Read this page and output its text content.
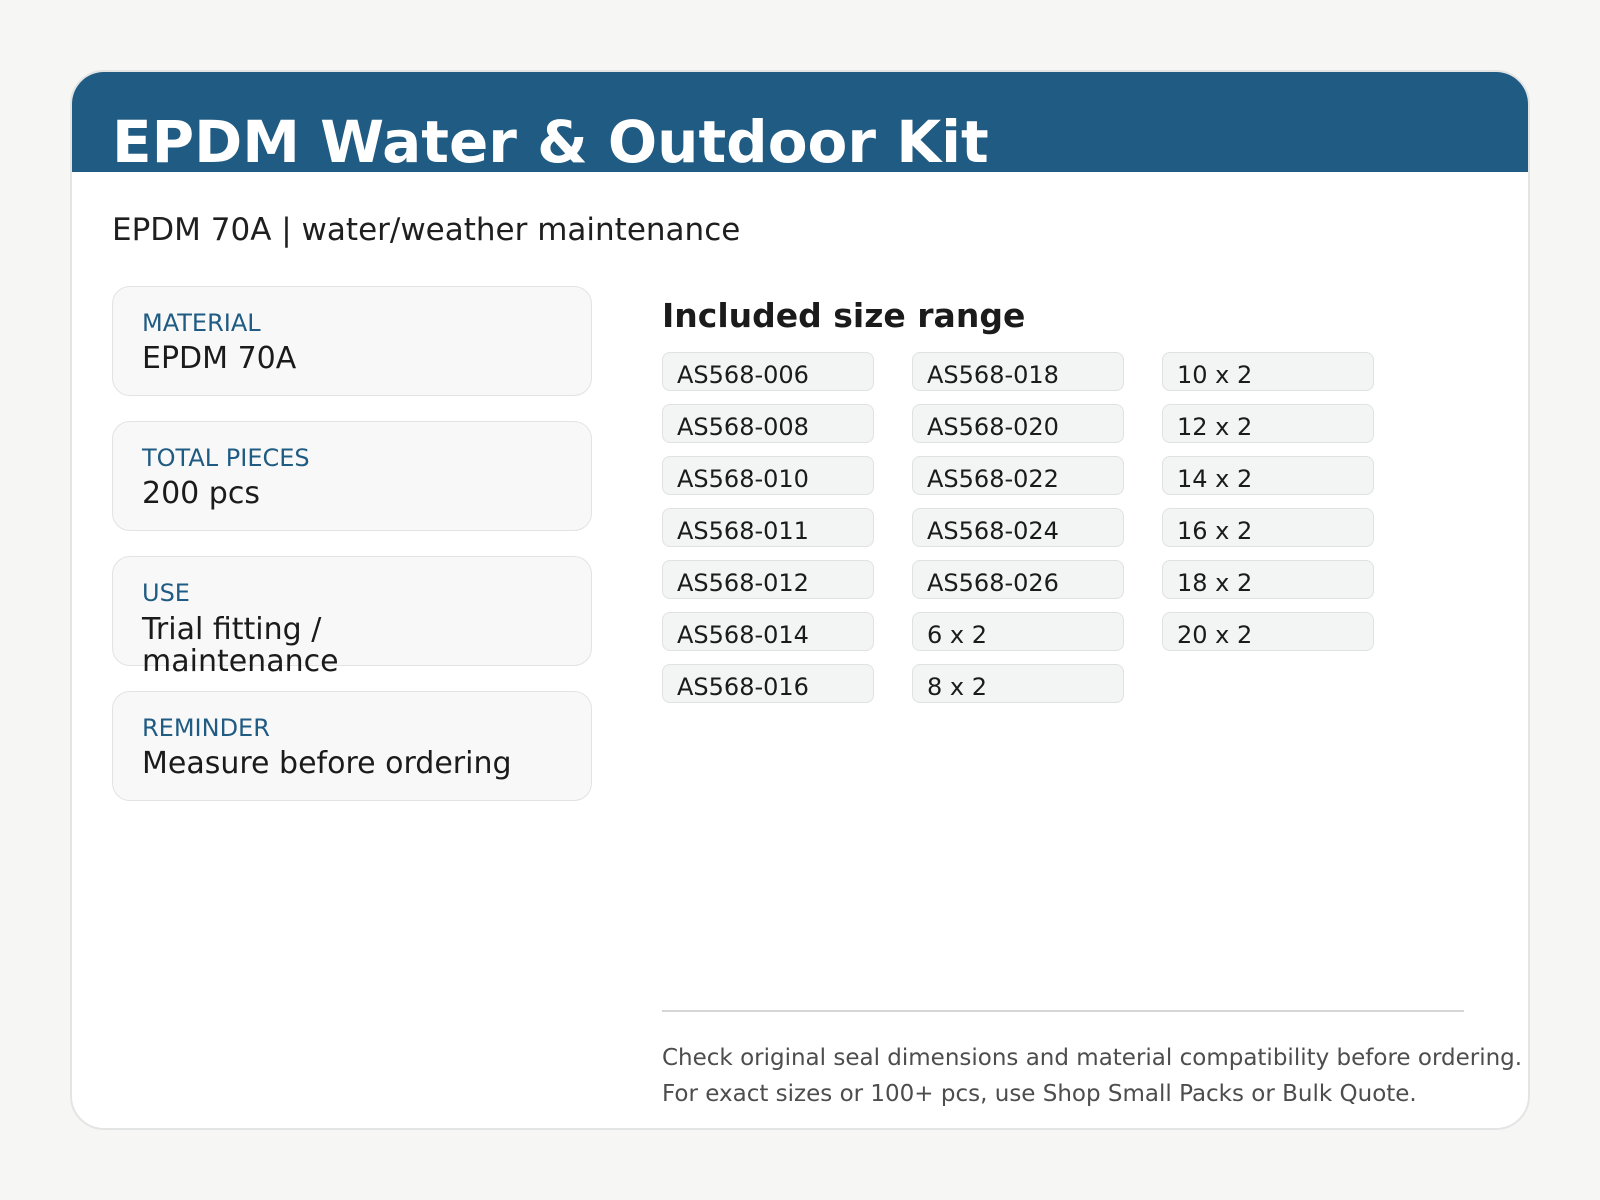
EPDM Water & Outdoor Kit

EPDM 70A | water/weather maintenance

MATERIAL
EPDM 70A
TOTAL PIECES
200 pcs
USE
Trial fitting / maintenance
REMINDER
Measure before ordering
Included size range
AS568-006
AS568-008
AS568-010
AS568-011
AS568-012
AS568-014
AS568-016
AS568-018
AS568-020
AS568-022
AS568-024
AS568-026
6 x 2
8 x 2
10 x 2
12 x 2
14 x 2
16 x 2
18 x 2
20 x 2
Check original seal dimensions and material compatibility before ordering.
For exact sizes or 100+ pcs, use Shop Small Packs or Bulk Quote.
